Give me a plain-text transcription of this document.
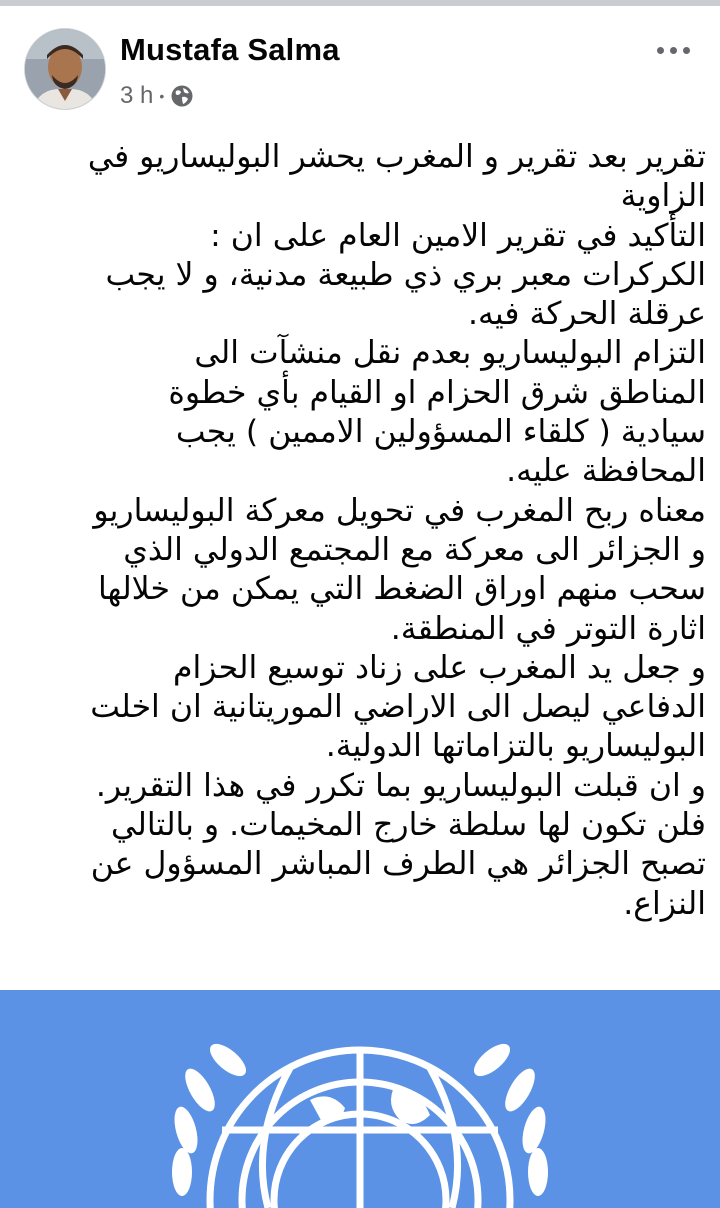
Mustafa Salma
3 h •

تقرير بعد تقرير و المغرب يحشر البوليساريو في الزاوية

التأكيد في تقرير الامين العام على ان :

الكركرات معبر بري ذي طبيعة مدنية، و لا يجب عرقلة الحركة فيه.

التزام البوليساريو بعدم نقل منشآت الى المناطق شرق الحزام او القيام بأي خطوة سيادية ( كلقاء المسؤولين الاممين ) يجب المحافظة عليه.

معناه ربح المغرب في تحويل معركة البوليساريو و الجزائر الى معركة مع المجتمع الدولي الذي سحب منهم اوراق الضغط التي يمكن من خلالها اثارة التوتر في المنطقة.

و جعل يد المغرب على زناد توسيع الحزام الدفاعي ليصل الى الاراضي الموريتانية ان اخلت البوليساريو بالتزاماتها الدولية.

و ان قبلت البوليساريو بما تكرر في هذا التقرير. فلن تكون لها سلطة خارج المخيمات. و بالتالي تصبح الجزائر هي الطرف المباشر المسؤول عن النزاع.
